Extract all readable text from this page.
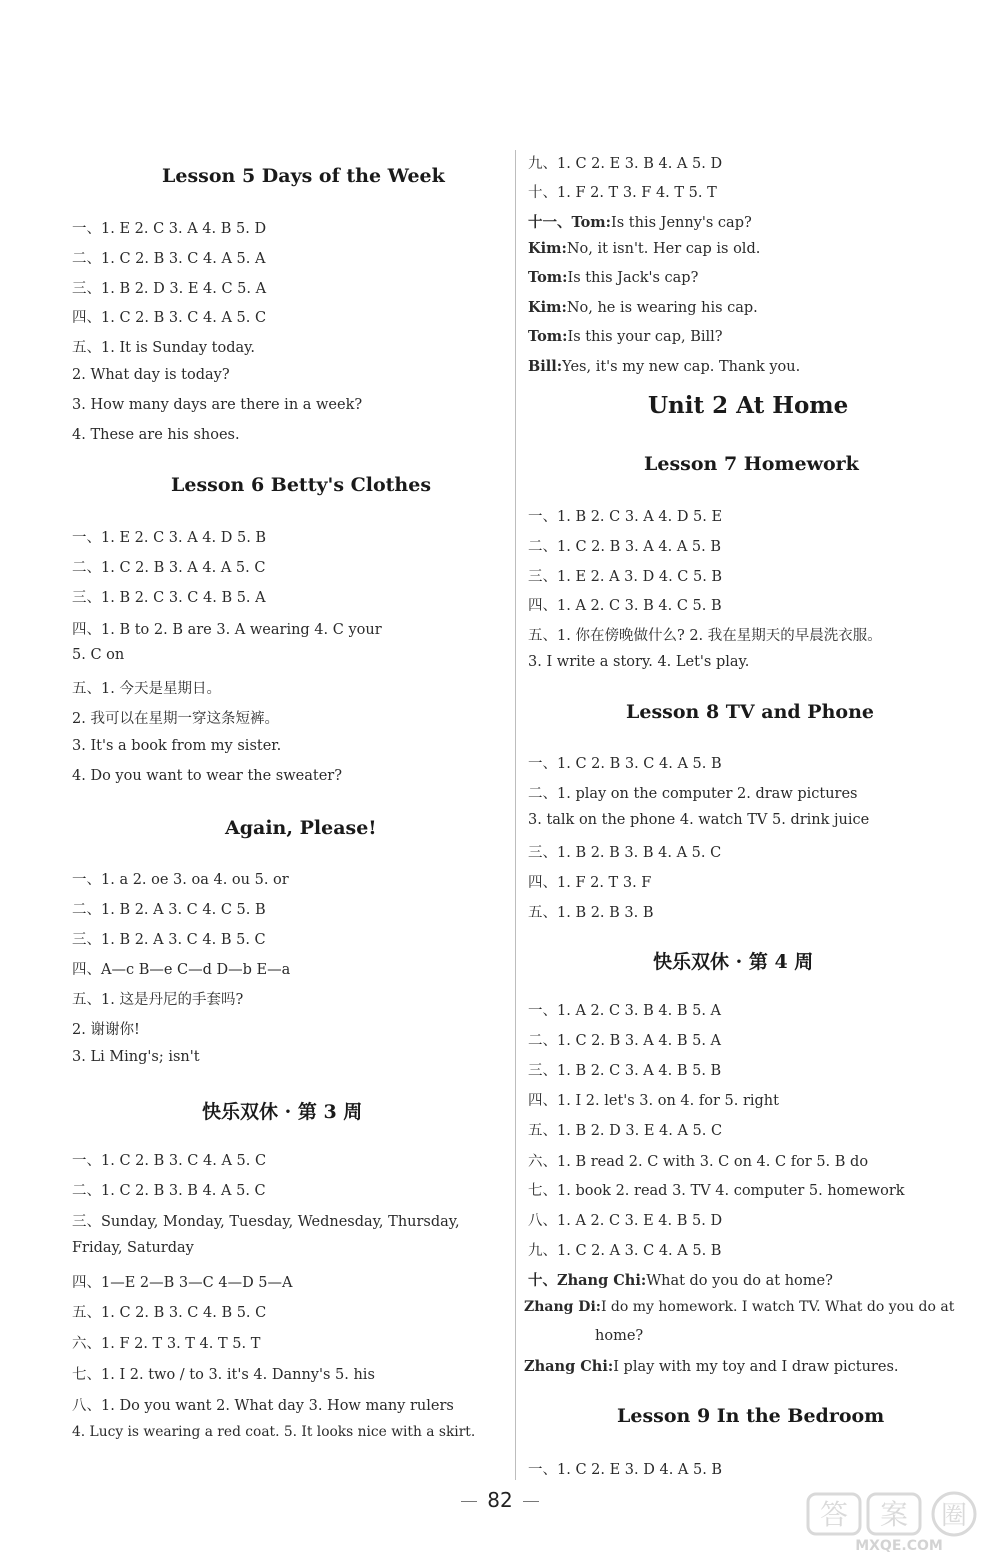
Lesson 5 Days of the Week
一、1. E 2. C 3. A 4. B 5. D
二、1. C 2. B 3. C 4. A 5. A
三、1. B 2. D 3. E 4. C 5. A
四、1. C 2. B 3. C 4. A 5. C
五、1. It is Sunday today.
2. What day is today?
3. How many days are there in a week?
4. These are his shoes.
Lesson 6 Betty's Clothes
一、1. E 2. C 3. A 4. D 5. B
二、1. C 2. B 3. A 4. A 5. C
三、1. B 2. C 3. C 4. B 5. A
四、1. B to 2. B are 3. A wearing 4. C your
5. C on
五、1. 今天是星期日。
2. 我可以在星期一穿这条短裤。
3. It's a book from my sister.
4. Do you want to wear the sweater?
Again, Please!
一、1. a 2. oe 3. oa 4. ou 5. or
二、1. B 2. A 3. C 4. C 5. B
三、1. B 2. A 3. C 4. B 5. C
四、A—c B—e C—d D—b E—a
五、1. 这是丹尼的手套吗?
2. 谢谢你!
3. Li Ming's; isn't
快乐双休 · 第 3 周
一、1. C 2. B 3. C 4. A 5. C
二、1. C 2. B 3. B 4. A 5. C
三、Sunday, Monday, Tuesday, Wednesday, Thursday,
Friday, Saturday
四、1—E 2—B 3—C 4—D 5—A
五、1. C 2. B 3. C 4. B 5. C
六、1. F 2. T 3. T 4. T 5. T
七、1. I 2. two / to 3. it's 4. Danny's 5. his
八、1. Do you want 2. What day 3. How many rulers
4. Lucy is wearing a red coat. 5. It looks nice with a skirt.
九、1. C 2. E 3. B 4. A 5. D
十、1. F 2. T 3. F 4. T 5. T
十一、Tom:Is this Jenny's cap?
Kim:No, it isn't. Her cap is old.
Tom:Is this Jack's cap?
Kim:No, he is wearing his cap.
Tom:Is this your cap, Bill?
Bill:Yes, it's my new cap. Thank you.
Unit 2 At Home
Lesson 7 Homework
一、1. B 2. C 3. A 4. D 5. E
二、1. C 2. B 3. A 4. A 5. B
三、1. E 2. A 3. D 4. C 5. B
四、1. A 2. C 3. B 4. C 5. B
五、1. 你在傍晚做什么? 2. 我在星期天的早晨洗衣服。
3. I write a story. 4. Let's play.
Lesson 8 TV and Phone
一、1. C 2. B 3. C 4. A 5. B
二、1. play on the computer 2. draw pictures
3. talk on the phone 4. watch TV 5. drink juice
三、1. B 2. B 3. B 4. A 5. C
四、1. F 2. T 3. F
五、1. B 2. B 3. B
快乐双休 · 第 4 周
一、1. A 2. C 3. B 4. B 5. A
二、1. C 2. B 3. A 4. B 5. A
三、1. B 2. C 3. A 4. B 5. B
四、1. I 2. let's 3. on 4. for 5. right
五、1. B 2. D 3. E 4. A 5. C
六、1. B read 2. C with 3. C on 4. C for 5. B do
七、1. book 2. read 3. TV 4. computer 5. homework
八、1. A 2. C 3. E 4. B 5. D
九、1. C 2. A 3. C 4. A 5. B
十、Zhang Chi:What do you do at home?
Zhang Di:I do my homework. I watch TV. What do you do at
home?
Zhang Chi:I play with my toy and I draw pictures.
Lesson 9 In the Bedroom
一、1. C 2. E 3. D 4. A 5. B
82	答 案 圈
MXQE.COM
